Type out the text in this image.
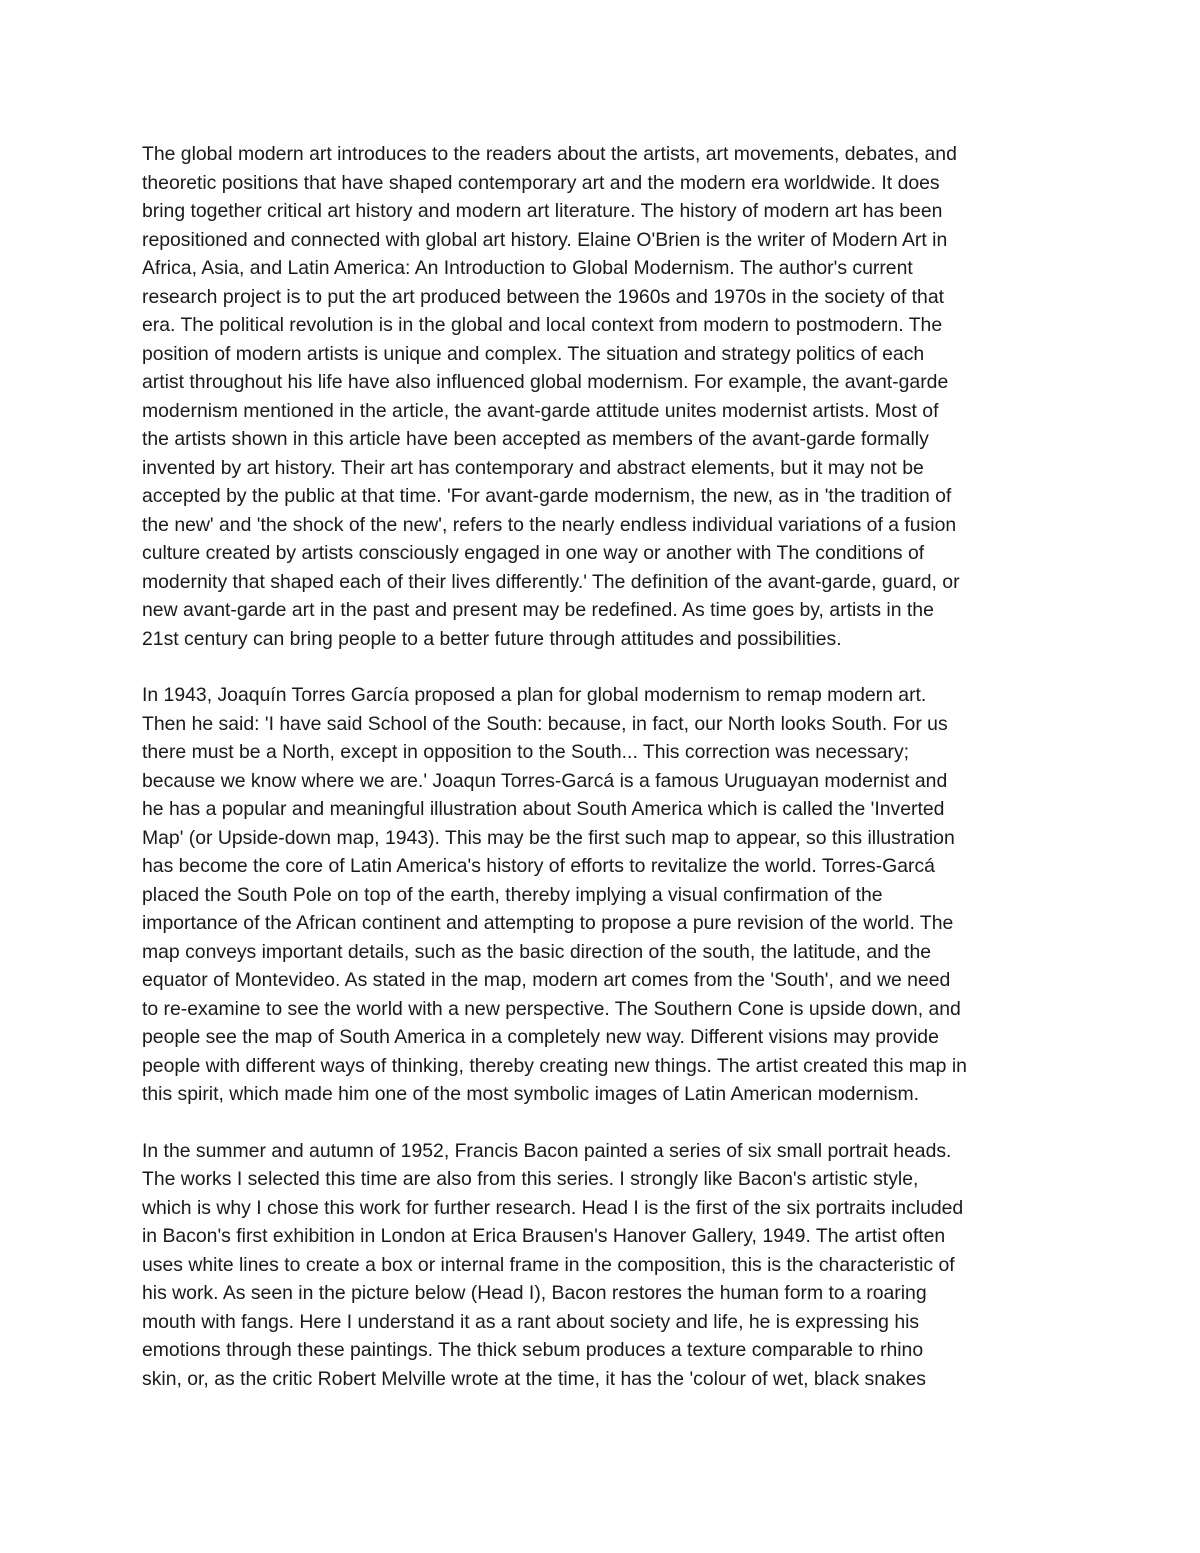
The global modern art introduces to the readers about the artists, art movements, debates, and
theoretic positions that have shaped contemporary art and the modern era worldwide. It does
bring together critical art history and modern art literature. The history of modern art has been
repositioned and connected with global art history. Elaine O'Brien is the writer of Modern Art in
Africa, Asia, and Latin America: An Introduction to Global Modernism. The author's current
research project is to put the art produced between the 1960s and 1970s in the society of that
era. The political revolution is in the global and local context from modern to postmodern. The
position of modern artists is unique and complex. The situation and strategy politics of each
artist throughout his life have also influenced global modernism. For example, the avant-garde
modernism mentioned in the article, the avant-garde attitude unites modernist artists. Most of
the artists shown in this article have been accepted as members of the avant-garde formally
invented by art history. Their art has contemporary and abstract elements, but it may not be
accepted by the public at that time. 'For avant-garde modernism, the new, as in 'the tradition of
the new' and 'the shock of the new', refers to the nearly endless individual variations of a fusion
culture created by artists consciously engaged in one way or another with The conditions of
modernity that shaped each of their lives differently.' The definition of the avant-garde, guard, or
new avant-garde art in the past and present may be redefined. As time goes by, artists in the
21st century can bring people to a better future through attitudes and possibilities.
In 1943, Joaquín Torres García proposed a plan for global modernism to remap modern art.
Then he said: 'I have said School of the South: because, in fact, our North looks South. For us
there must be a North, except in opposition to the South... This correction was necessary;
because we know where we are.' Joaqun Torres-Garcá is a famous Uruguayan modernist and
he has a popular and meaningful illustration about South America which is called the 'Inverted
Map' (or Upside-down map, 1943). This may be the first such map to appear, so this illustration
has become the core of Latin America's history of efforts to revitalize the world. Torres-Garcá
placed the South Pole on top of the earth, thereby implying a visual confirmation of the
importance of the African continent and attempting to propose a pure revision of the world. The
map conveys important details, such as the basic direction of the south, the latitude, and the
equator of Montevideo. As stated in the map, modern art comes from the 'South', and we need
to re-examine to see the world with a new perspective. The Southern Cone is upside down, and
people see the map of South America in a completely new way. Different visions may provide
people with different ways of thinking, thereby creating new things. The artist created this map in
this spirit, which made him one of the most symbolic images of Latin American modernism.
In the summer and autumn of 1952, Francis Bacon painted a series of six small portrait heads.
The works I selected this time are also from this series. I strongly like Bacon's artistic style,
which is why I chose this work for further research. Head I is the first of the six portraits included
in Bacon's first exhibition in London at Erica Brausen's Hanover Gallery, 1949. The artist often
uses white lines to create a box or internal frame in the composition, this is the characteristic of
his work. As seen in the picture below (Head I), Bacon restores the human form to a roaring
mouth with fangs. Here I understand it as a rant about society and life, he is expressing his
emotions through these paintings. The thick sebum produces a texture comparable to rhino
skin, or, as the critic Robert Melville wrote at the time, it has the 'colour of wet, black snakes
